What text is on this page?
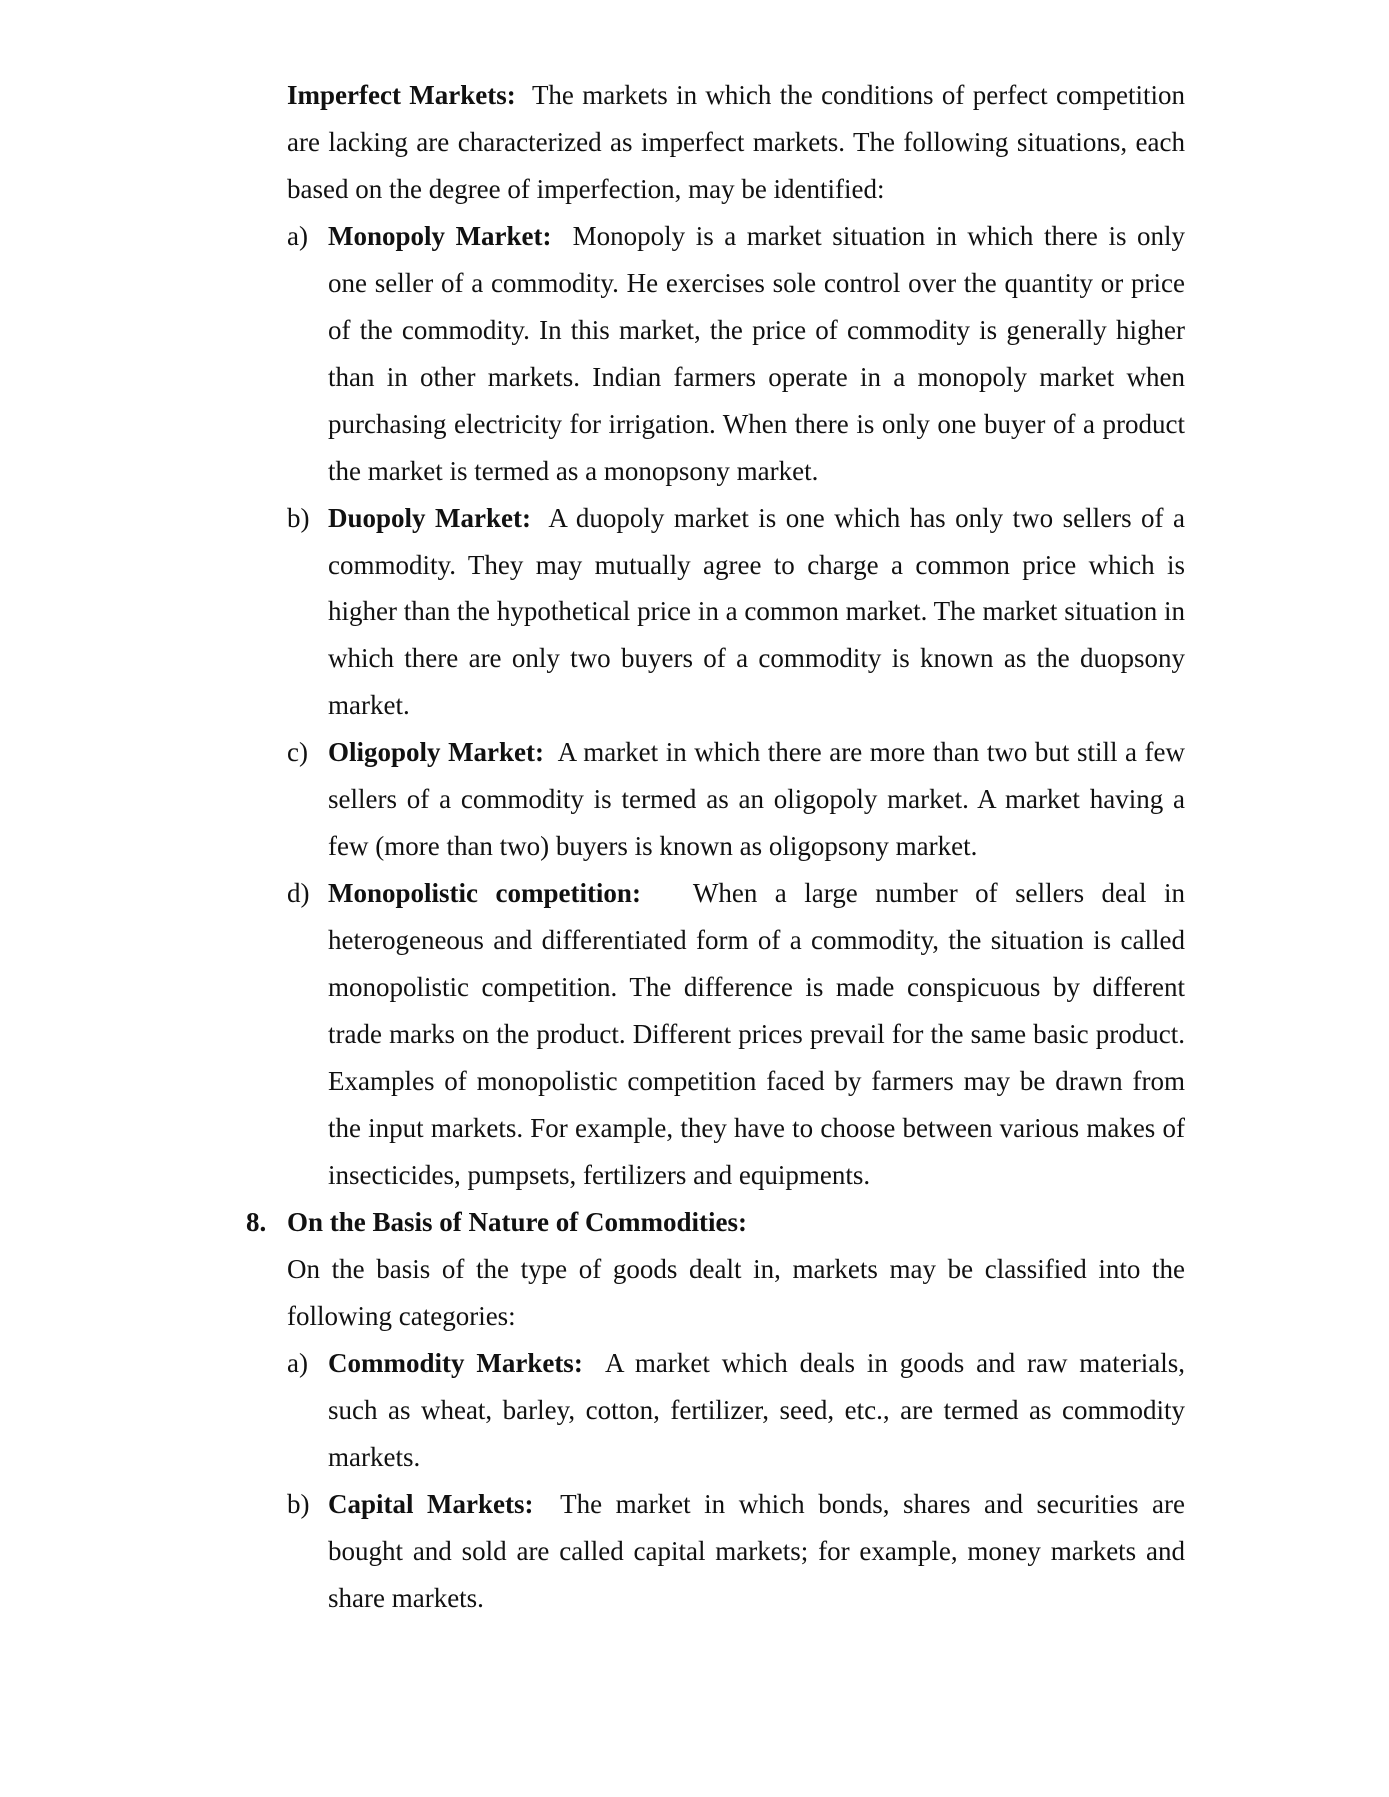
Imperfect Markets: The markets in which the conditions of perfect competition are lacking are characterized as imperfect markets. The following situations, each based on the degree of imperfection, may be identified:

a) Monopoly Market: Monopoly is a market situation in which there is only one seller of a commodity. He exercises sole control over the quantity or price of the commodity. In this market, the price of commodity is generally higher than in other markets. Indian farmers operate in a monopoly market when purchasing electricity for irrigation. When there is only one buyer of a product the market is termed as a monopsony market.
b) Duopoly Market: A duopoly market is one which has only two sellers of a commodity. They may mutually agree to charge a common price which is higher than the hypothetical price in a common market. The market situation in which there are only two buyers of a commodity is known as the duopsony market.
c) Oligopoly Market: A market in which there are more than two but still a few sellers of a commodity is termed as an oligopoly market. A market having a few (more than two) buyers is known as oligopsony market.
d) Monopolistic competition: When a large number of sellers deal in heterogeneous and differentiated form of a commodity, the situation is called monopolistic competition. The difference is made conspicuous by different trade marks on the product. Different prices prevail for the same basic product. Examples of monopolistic competition faced by farmers may be drawn from the input markets. For example, they have to choose between various makes of insecticides, pumpsets, fertilizers and equipments.

8. On the Basis of Nature of Commodities:

On the basis of the type of goods dealt in, markets may be classified into the following categories:

a) Commodity Markets: A market which deals in goods and raw materials, such as wheat, barley, cotton, fertilizer, seed, etc., are termed as commodity markets.
b) Capital Markets: The market in which bonds, shares and securities are bought and sold are called capital markets; for example, money markets and share markets.
